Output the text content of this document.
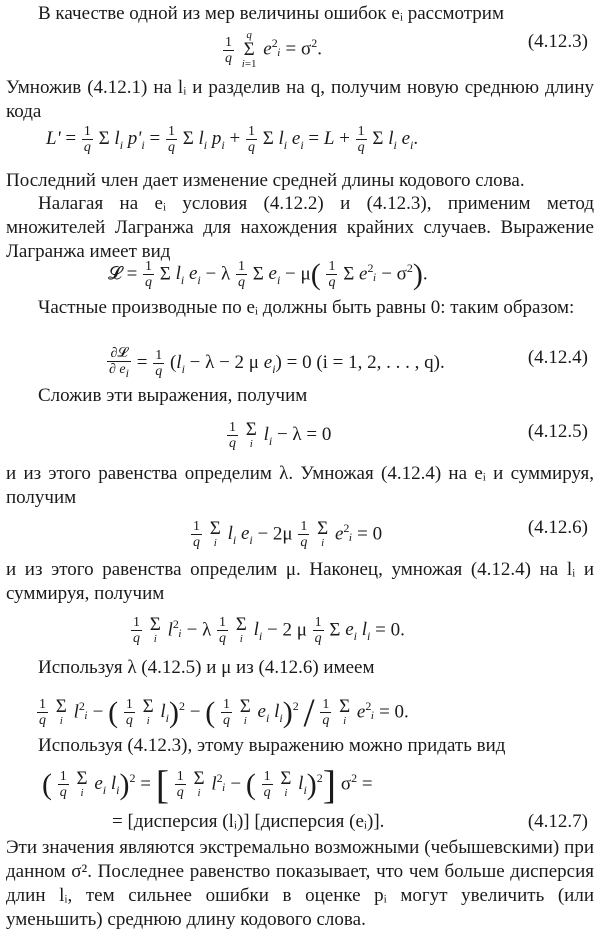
В качестве одной из мер величины ошибок eᵢ рассмотрим

$\frac{1}{q}$
	q
Σ
i=1
$e^2ᵢ = \sigma^2$.	(4.12.3)

Умножив (4.12.1) на lᵢ и разделив на q, получим новую среднюю длину кода

$L' = \frac{1}{q}$ Σ $l_i$ $p'_i = \frac{1}{q}$ Σ $l_i$ $p_i + \frac{1}{q}$ Σ $l_i$ $e_i = L + \frac{1}{q}$ Σ $l_i$ $e_i$.

Последний член дает изменение средней длины кодового слова.

Налагая на eᵢ условия (4.12.2) и (4.12.3), применим метод множителей Лагранжа для нахождения крайних случаев. Выражение Лагранжа имеет вид

𝓛 = $\frac{1}{q}$ Σ $l_i$ $e_i - \lambda \frac{1}{q}$ Σ $e_i - \mu( \frac{1}{q}$ Σ $e^2ᵢ - \sigma^2$).

Частные производные по eᵢ должны быть равны 0: таким образом:

$\frac{\text{∂𝓛}}{\partial e_i} = \frac{1}{q} (l_i - \lambda - 2$ μ $e_i) = 0$ (i = 1, 2, . . . , q).	(4.12.4)

Сложив эти выражения, получим

$\frac{1}{q}$
Σ
i $l_i - \lambda = 0$	(4.12.5)

и из этого равенства определим λ. Умножая (4.12.4) на eᵢ и суммируя, получим

$\frac{1}{q}$
Σ
i $l_i$ $e_i - 2\mu \frac{1}{q}$
Σ
i $e^2ᵢ = 0$	(4.12.6)

и из этого равенства определим μ. Наконец, умножая (4.12.4) на lᵢ и суммируя, получим

$\frac{1}{q}$
Σ
i $l^2ᵢ - \lambda \frac{1}{q}$
Σ
i $l_i - 2$ μ $\frac{1}{q}$ Σ $e_i$ $l_i = 0$.

Используя λ (4.12.5) и μ из (4.12.6) имеем

$\frac{1}{q}$
Σ
i $l^2ᵢ$ − ( $\frac{1}{q}$
Σ
i $l_i)^2$ − ( $\frac{1}{q}$
Σ
i $e_i$ $l_i)^2 / \frac{1}{q}$
Σ
i $e^2ᵢ = 0$.

Используя (4.12.3), этому выражению можно придать вид

( $\frac{1}{q}$
Σ
i $e_i$ $l_i)^2$ = [ $\frac{1}{q}$
Σ
i $l^2ᵢ$ − ( $\frac{1}{q}$
Σ
i $l_i)^2$] $\sigma^2$ =
= [дисперсия (lᵢ)] [дисперсия (eᵢ)].	(4.12.7)

Эти значения являются экстремально возможными (чебышевскими) при данном σ². Последнее равенство показывает, что чем больше дисперсия длин lᵢ, тем сильнее ошибки в оценке pᵢ могут увеличить (или уменьшить) среднюю длину кодового слова.
